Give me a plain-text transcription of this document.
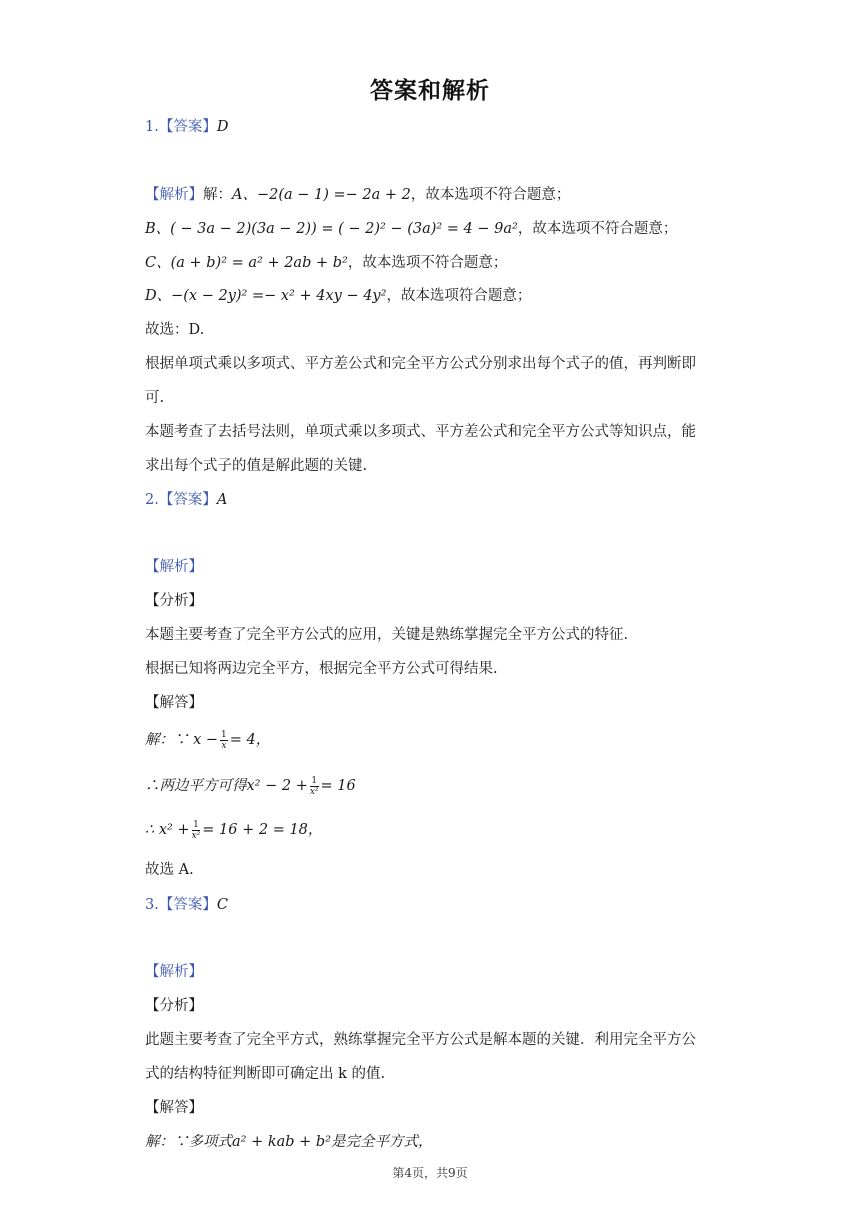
答案和解析
1.【答案】D
【解析】解：A、−2(a − 1) =− 2a + 2，故本选项不符合题意；
B、( − 3a − 2)(3a − 2)) = ( − 2)² − (3a)² = 4 − 9a²，故本选项不符合题意；
C、(a + b)² = a² + 2ab + b²，故本选项不符合题意；
D、−(x − 2y)² =− x² + 4xy − 4y²，故本选项符合题意；
故选：D.
根据单项式乘以多项式、平方差公式和完全平方公式分别求出每个式子的值，再判断即
可.
本题考查了去括号法则，单项式乘以多项式、平方差公式和完全平方公式等知识点，能
求出每个式子的值是解此题的关键.
2.【答案】A
【解析】
【分析】
本题主要考查了完全平方公式的应用，关键是熟练掌握完全平方公式的特征.
根据已知将两边完全平方，根据完全平方公式可得结果.
【解答】
解：∵ $x - \frac{1}{x} = 4$，
∴两边平方可得$x^2 - 2 + \frac{1}{\text{x²}} = 16$
∴ $x^2 + \frac{1}{\text{x²}} = 16 + 2 = 18$，
故选 A.
3.【答案】C
【解析】
【分析】
此题主要考查了完全平方式，熟练掌握完全平方公式是解本题的关键．利用完全平方公
式的结构特征判断即可确定出 k 的值.
【解答】
解：∵多项式a² + kab + b²是完全平方式，
第4页，共9页
